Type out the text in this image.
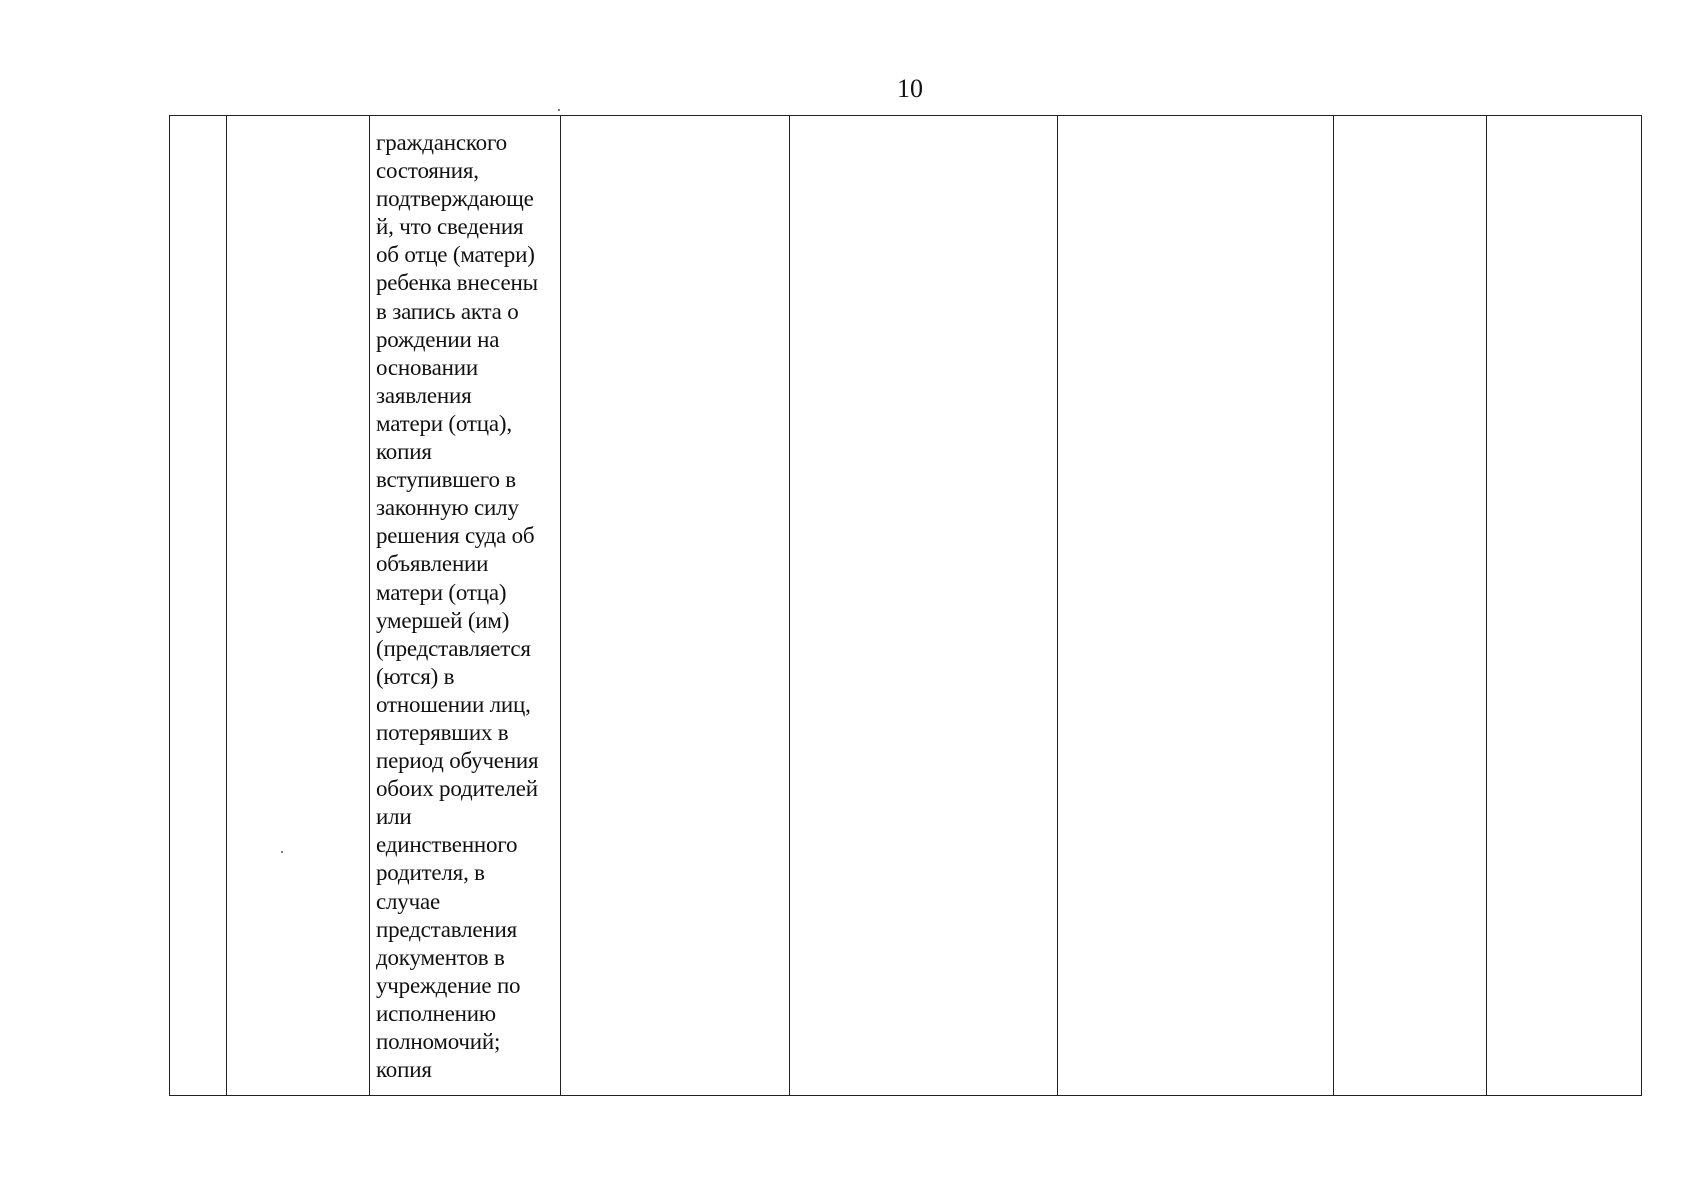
10

гражданского
состояния,
подтверждающе
й, что сведения
об отце (матери)
ребенка внесены
в запись акта о
рождении на
основании
заявления
матери (отца),
копия
вступившего в
законную силу
решения суда об
объявлении
матери (отца)
умершей (им)
(представляется
(ются) в
отношении лиц,
потерявших в
период обучения
обоих родителей
или
единственного
родителя, в
случае
представления
документов в
учреждение по
исполнению
полномочий;
копия
